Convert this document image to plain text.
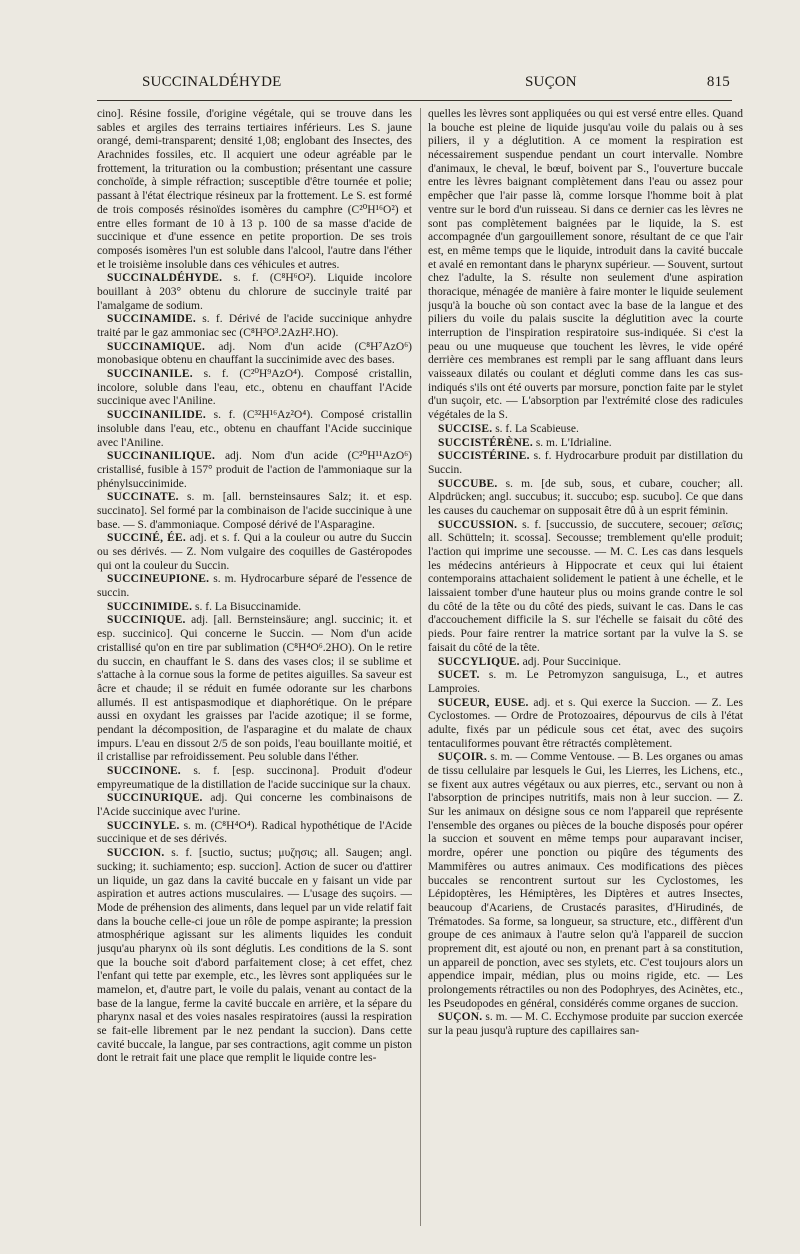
SUCCINALDÉHYDE	SUÇON	815

cino]. Résine fossile, d'origine végétale, qui se trouve dans les sables et argiles des terrains tertiaires inférieurs. Les S. jaune orangé, demi-transparent; densité 1,08; englobant des Insectes, des Arachnides fossiles, etc. Il acquiert une odeur agréable par le frottement, la trituration ou la combustion; présentant une cassure conchoïde, à simple réfraction; susceptible d'être tournée et polie; passant à l'état électrique résineux par la frottement. Le S. est formé de trois composés résinoïdes isomères du camphre (C²⁰H¹⁶O²) et entre elles formant de 10 à 13 p. 100 de sa masse d'acide de succinique et d'une essence en petite proportion. De ses trois composés isomères l'un est soluble dans l'alcool, l'autre dans l'éther et le troisième insoluble dans ces véhicules et autres.

SUCCINALDÉHYDE. s. f. (C⁸H⁶O²). Liquide incolore bouillant à 203° obtenu du chlorure de succinyle traité par l'amalgame de sodium.

SUCCINAMIDE. s. f. Dérivé de l'acide succinique anhydre traité par le gaz ammoniac sec (C⁸H³O³.2AzH².HO).

SUCCINAMIQUE. adj. Nom d'un acide (C⁸H⁷AzO⁶) monobasique obtenu en chauffant la succinimide avec des bases.

SUCCINANILE. s. f. (C²⁰H⁹AzO⁴). Composé cristallin, incolore, soluble dans l'eau, etc., obtenu en chauffant l'Acide succinique avec l'Aniline.

SUCCINANILIDE. s. f. (C³²H¹⁶Az²O⁴). Composé cristallin insoluble dans l'eau, etc., obtenu en chauffant l'Acide succinique avec l'Aniline.

SUCCINANILIQUE. adj. Nom d'un acide (C²⁰H¹¹AzO⁶) cristallisé, fusible à 157° produit de l'action de l'ammoniaque sur la phénylsuccinimide.

SUCCINATE. s. m. [all. bernsteinsaures Salz; it. et esp. succinato]. Sel formé par la combinaison de l'acide succinique à une base. — S. d'ammoniaque. Composé dérivé de l'Asparagine.

SUCCINÉ, ÉE. adj. et s. f. Qui a la couleur ou autre du Succin ou ses dérivés. — Z. Nom vulgaire des coquilles de Gastéropodes qui ont la couleur du Succin.

SUCCINEUPIONE. s. m. Hydrocarbure séparé de l'essence de succin.

SUCCINIMIDE. s. f. La Bisuccinamide.

SUCCINIQUE. adj. [all. Bernsteinsäure; angl. succinic; it. et esp. succinico]. Qui concerne le Succin. — Nom d'un acide cristallisé qu'on en tire par sublimation (C⁸H⁴O⁶.2HO). On le retire du succin, en chauffant le S. dans des vases clos; il se sublime et s'attache à la cornue sous la forme de petites aiguilles. Sa saveur est âcre et chaude; il se réduit en fumée odorante sur les charbons allumés. Il est antispasmodique et diaphorétique. On le prépare aussi en oxydant les graisses par l'acide azotique; il se forme, pendant la décomposition, de l'asparagine et du malate de chaux impurs. L'eau en dissout 2/5 de son poids, l'eau bouillante moitié, et il cristallise par refroidissement. Peu soluble dans l'éther.

SUCCINONE. s. f. [esp. succinona]. Produit d'odeur empyreumatique de la distillation de l'acide succinique sur la chaux.

SUCCINURIQUE. adj. Qui concerne les combinaisons de l'Acide succinique avec l'urine.

SUCCINYLE. s. m. (C⁸H⁴O⁴). Radical hypothétique de l'Acide succinique et de ses dérivés.

SUCCION. s. f. [suctio, suctus; μυζησις; all. Saugen; angl. sucking; it. suchiamento; esp. succion]. Action de sucer ou d'attirer un liquide, un gaz dans la cavité buccale en y faisant un vide par aspiration et autres actions musculaires. — L'usage des suçoirs. — Mode de préhension des aliments, dans lequel par un vide relatif fait dans la bouche celle-ci joue un rôle de pompe aspirante; la pression atmosphérique agissant sur les aliments liquides les conduit jusqu'au pharynx où ils sont déglutis. Les conditions de la S. sont que la bouche soit d'abord parfaitement close; à cet effet, chez l'enfant qui tette par exemple, etc., les lèvres sont appliquées sur le mamelon, et, d'autre part, le voile du palais, venant au contact de la base de la langue, ferme la cavité buccale en arrière, et la sépare du pharynx nasal et des voies nasales respiratoires (aussi la respiration se fait-elle librement par le nez pendant la succion). Dans cette cavité buccale, la langue, par ses contractions, agit comme un piston dont le retrait fait une place que remplit le liquide contre les-

quelles les lèvres sont appliquées ou qui est versé entre elles. Quand la bouche est pleine de liquide jusqu'au voile du palais ou à ses piliers, il y a déglutition. A ce moment la respiration est nécessairement suspendue pendant un court intervalle. Nombre d'animaux, le cheval, le bœuf, boivent par S., l'ouverture buccale entre les lèvres baignant complètement dans l'eau ou assez pour empêcher que l'air passe là, comme lorsque l'homme boit à plat ventre sur le bord d'un ruisseau. Si dans ce dernier cas les lèvres ne sont pas complètement baignées par le liquide, la S. est accompagnée d'un gargouillement sonore, résultant de ce que l'air est, en même temps que le liquide, introduit dans la cavité buccale et avalé en remontant dans le pharynx supérieur. — Souvent, surtout chez l'adulte, la S. résulte non seulement d'une aspiration thoracique, ménagée de manière à faire monter le liquide seulement jusqu'à la bouche où son contact avec la base de la langue et des piliers du voile du palais suscite la déglutition avec la courte interruption de l'inspiration respiratoire sus-indiquée. Si c'est la peau ou une muqueuse que touchent les lèvres, le vide opéré derrière ces membranes est rempli par le sang affluant dans leurs vaisseaux dilatés ou coulant et dégluti comme dans les cas sus-indiqués s'ils ont été ouverts par morsure, ponction faite par le stylet d'un suçoir, etc. — L'absorption par l'extrémité close des radicules végétales de la S.

SUCCISE. s. f. La Scabieuse.

SUCCISTÉRÈNE. s. m. L'Idrialine.

SUCCISTÉRINE. s. f. Hydrocarbure produit par distillation du Succin.

SUCCUBE. s. m. [de sub, sous, et cubare, coucher; all. Alpdrücken; angl. succubus; it. succubo; esp. sucubo]. Ce que dans les causes du cauchemar on supposait être dû à un esprit féminin.

SUCCUSSION. s. f. [succussio, de succutere, secouer; σεῖσις; all. Schütteln; it. scossa]. Secousse; tremblement qu'elle produit; l'action qui imprime une secousse. — M. C. Les cas dans lesquels les médecins antérieurs à Hippocrate et ceux qui lui étaient contemporains attachaient solidement le patient à une échelle, et le laissaient tomber d'une hauteur plus ou moins grande contre le sol du côté de la tête ou du côté des pieds, suivant le cas. Dans le cas d'accouchement difficile la S. sur l'échelle se faisait du côté des pieds. Pour faire rentrer la matrice sortant par la vulve la S. se faisait du côté de la tête.

SUCCYLIQUE. adj. Pour Succinique.

SUCET. s. m. Le Petromyzon sanguisuga, L., et autres Lamproies.

SUCEUR, EUSE. adj. et s. Qui exerce la Succion. — Z. Les Cyclostomes. — Ordre de Protozoaires, dépourvus de cils à l'état adulte, fixés par un pédicule sous cet état, avec des suçoirs tentaculiformes pouvant être rétractés complètement.

SUÇOIR. s. m. — Comme Ventouse. — B. Les organes ou amas de tissu cellulaire par lesquels le Gui, les Lierres, les Lichens, etc., se fixent aux autres végétaux ou aux pierres, etc., servant ou non à l'absorption de principes nutritifs, mais non à leur succion. — Z. Sur les animaux on désigne sous ce nom l'appareil que représente l'ensemble des organes ou pièces de la bouche disposés pour opérer la succion et souvent en même temps pour auparavant inciser, mordre, opérer une ponction ou piqûre des téguments des Mammifères ou autres animaux. Ces modifications des pièces buccales se rencontrent surtout sur les Cyclostomes, les Lépidoptères, les Hémiptères, les Diptères et autres Insectes, beaucoup d'Acariens, de Crustacés parasites, d'Hirudinés, de Trématodes. Sa forme, sa longueur, sa structure, etc., diffèrent d'un groupe de ces animaux à l'autre selon qu'à l'appareil de succion proprement dit, est ajouté ou non, en prenant part à sa constitution, un appareil de ponction, avec ses stylets, etc. C'est toujours alors un appendice impair, médian, plus ou moins rigide, etc. — Les prolongements rétractiles ou non des Podophryes, des Acinètes, etc., les Pseudopodes en général, considérés comme organes de succion.

SUÇON. s. m. — M. C. Ecchymose produite par succion exercée sur la peau jusqu'à rupture des capillaires san-
